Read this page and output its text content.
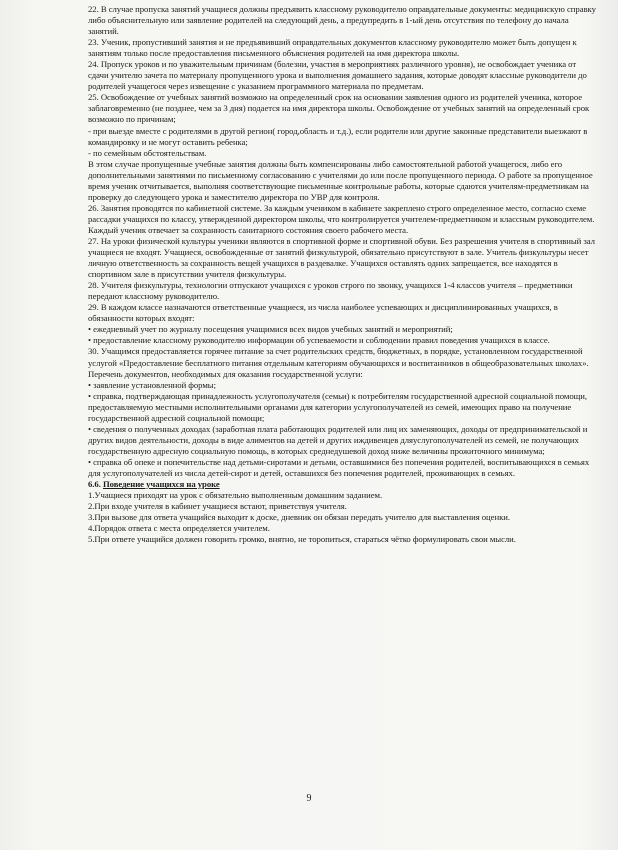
22. В случае пропуска занятий учащиеся должны предъявить классному руководителю оправдательные документы: медицинскую справку либо объяснительную или заявление родителей на следующий день, а предупредить в 1-ый день отсутствия по телефону до начала занятий.

23. Ученик, пропустивший занятия и не предъявивший оправдательных документов классному руководителю может быть допущен к занятиям только после предоставления письменного объяснения родителей на имя директора школы.

24. Пропуск уроков и по уважительным причинам (болезни, участия в мероприятиях различного уровня), не освобождает ученика от сдачи учителю зачета по материалу пропущенного урока и выполнения домашнего задания, которые доводят классные руководители до родителей учащегося через извещение с указанием программного материала по предметам.

25. Освобождение от учебных занятий возможно на определенный срок на основании заявления одного из родителей ученика, которое заблаговременно (не позднее, чем за 3 дня) подается на имя директора школы. Освобождение от учебных занятий на определенный срок возможно по причинам;

- при выезде вместе с родителями в другой регион( город,область и т.д.), если родители или другие законные представители выезжают в командировку и не могут оставить ребенка;

- по семейным обстоятельствам.

В этом случае пропущенные учебные занятия должны быть компенсированы либо самостоятельной работой учащегося, либо его дополнительными занятиями по письменному согласованию с учителями до или после пропущенного периода. О работе за пропущенное время ученик отчитывается, выполняя соответствующие письменные контрольные работы, которые сдаются учителям-предметникам на проверку до следующего урока и заместителю директора по УВР для контроля.

26. Занятия проводятся по кабинетной системе. За каждым учеником в кабинете закреплено строго определенное место, согласно схеме рассадки учащихся по классу, утвержденной директором школы, что контролируется учителем-предметником и классным руководителем. Каждый ученик отвечает за сохранность санитарного состояния своего рабочего места.

27. На уроки физической культуры ученики являются в спортивной форме и спортивной обуви. Без разрешения учителя в спортивный зал учащиеся не входят. Учащиеся, освобожденные от занятий физкультурой, обязательно присутствуют в зале. Учитель физкультуры несет личную ответственность за сохранность вещей учащихся в раздевалке. Учащихся оставлять одних запрещается, все находятся в спортивном зале в присутствии учителя физкультуры.

28. Учителя физкультуры, технологии отпускают учащихся с уроков строго по звонку, учащихся 1-4 классов учителя – предметники передают классному руководителю.

29. В каждом классе назначаются ответственные учащиеся, из числа наиболее успевающих и дисциплинированных учащихся, в обязанности которых входят:

• ежедневный учет по журналу посещения учащимися всех видов учебных занятий и мероприятий;

• предоставление классному руководителю информации об успеваемости и соблюдении правил поведения учащихся в классе.

30. Учащимся предоставляется горячее питание за счет родительских средств, бюджетных, в порядке, установленном государственной услугой «Предоставление бесплатного питания отдельным категориям обучающихся и воспитанников в общеобразовательных школах».

Перечень документов, необходимых для оказания государственной услуги:

• заявление установленной формы;

• справка, подтверждающая принадлежность услугополучателя (семьи) к потребителям государственной адресной социальной помощи, предоставляемую местными исполнительными органами для категории услугополучателей из семей, имеющих право на получение государственной адресной социальной помощи;

• сведения о полученных доходах (заработная плата работающих родителей или лиц их заменяющих, доходы от предпринимательской и других видов деятельности, доходы в виде алиментов на детей и других иждивенцев дляуслугополучателей из семей, не получающих государственную адресную социальную помощь, в которых среднедушевой доход ниже величины прожиточного минимума;

• справка об опеке и попечительстве над детьми-сиротами и детьми, оставшимися без попечения родителей, воспитывающихся в семьях для услугополучателей из числа детей-сирот и детей, оставшихся без попечения родителей, проживающих в семьях.

6.6. Поведение учащихся на уроке

1.Учащиеся приходят на урок с обязательно выполненным домашним заданием.

2.При входе учителя в кабинет учащиеся встают, приветствуя учителя.

3.При вызове для ответа учащийся выходит к доске, дневник он обязан передать учителю для выставления оценки.

4.Порядок ответа с места определяется учителем.

5.При ответе учащийся должен говорить громко, внятно, не торопиться, стараться чётко формулировать свои мысли.

9
